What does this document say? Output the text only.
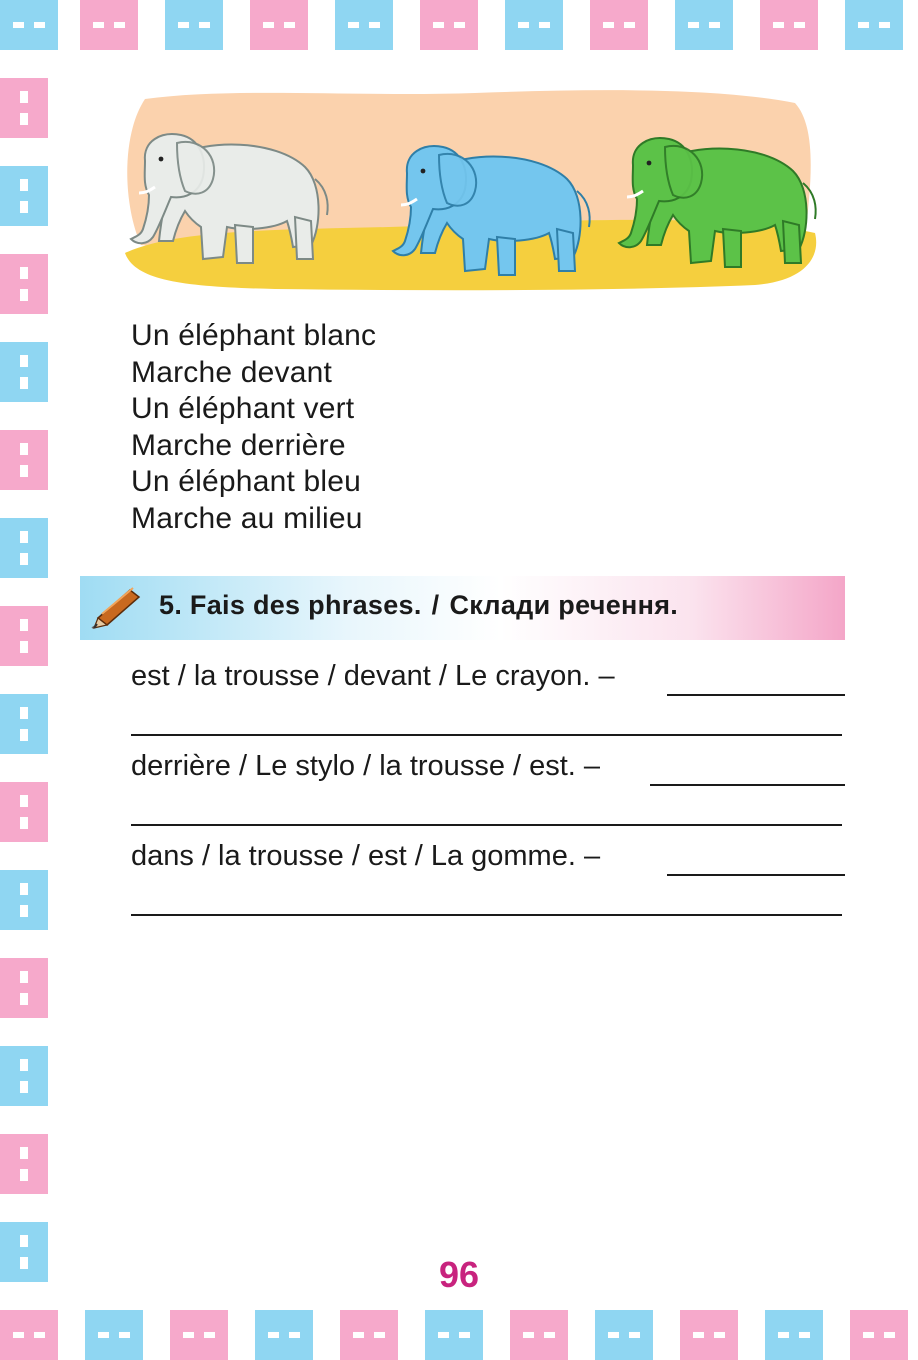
Un éléphant blanc
Marche devant
Un éléphant vert
Marche derrière
Un éléphant bleu
Marche au milieu
5. Fais des phrases. / Склади речення.
est / la trousse / devant / Le crayon. –
derrière / Le stylo / la trousse / est. –
dans / la trousse / est / La gomme. –
96
